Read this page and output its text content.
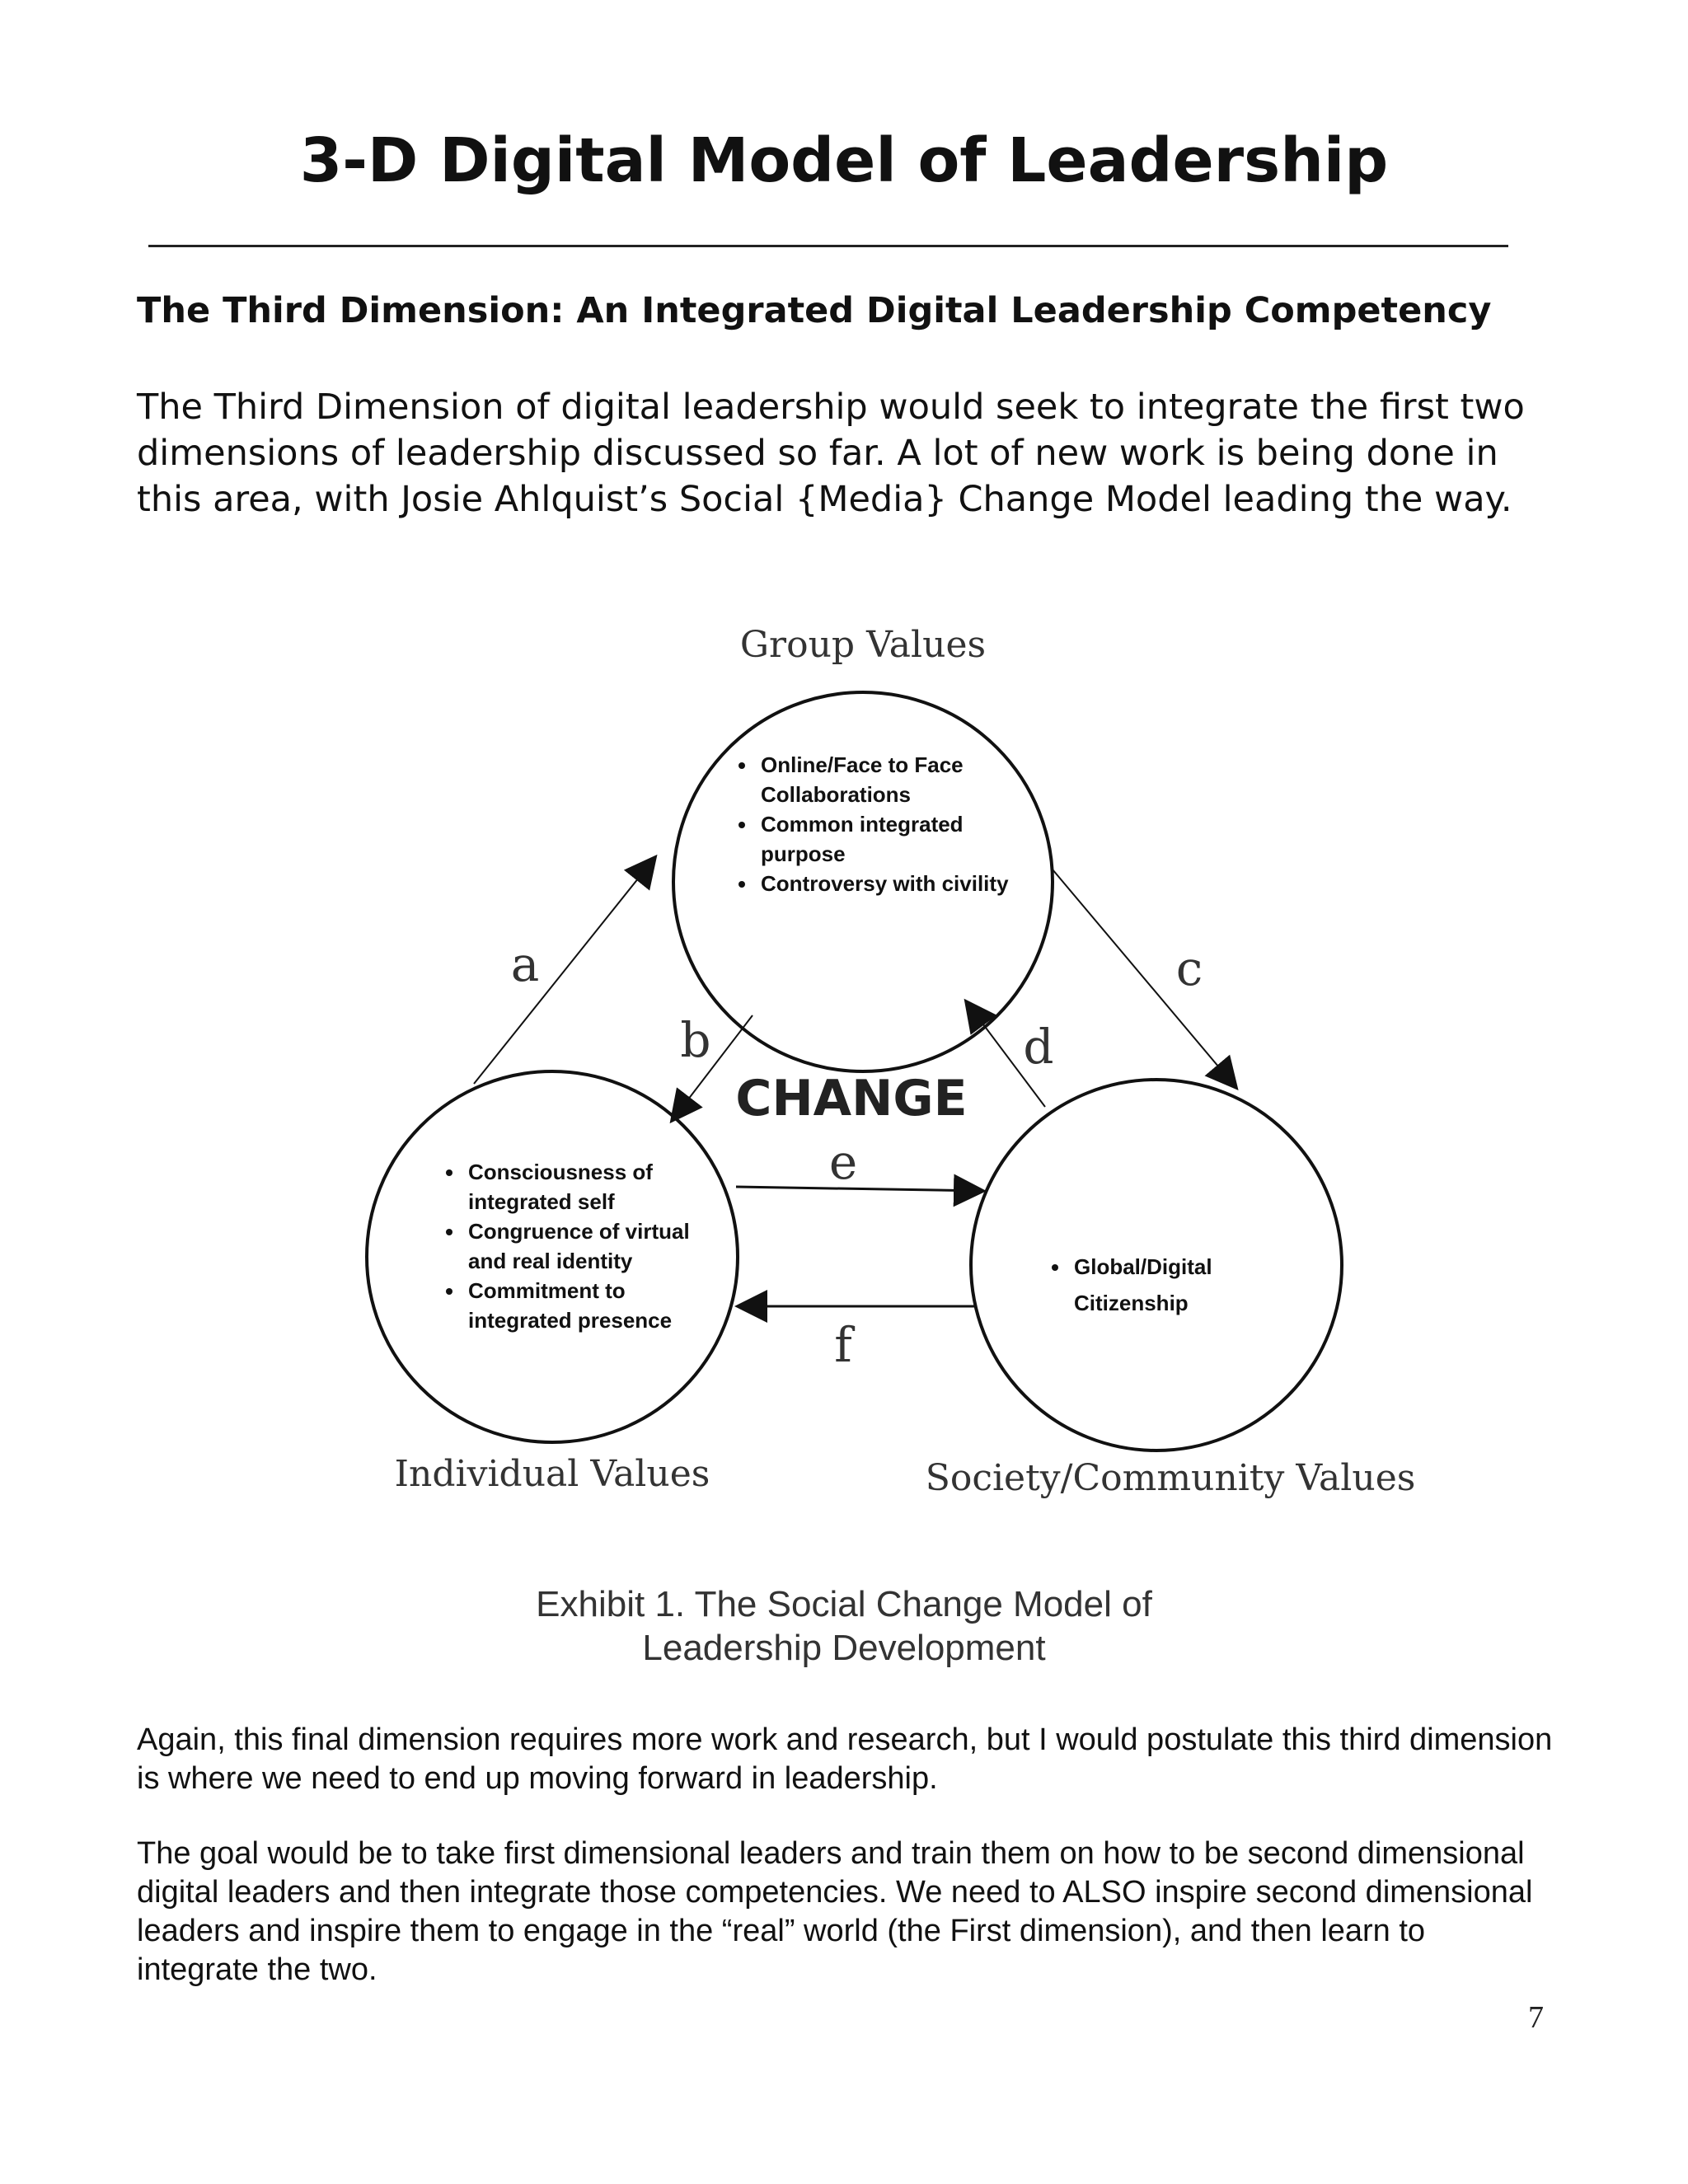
3-D Digital Model of Leadership
The Third Dimension: An Integrated Digital Leadership Competency

The Third Dimension of digital leadership would seek to integrate the first two dimensions of leadership discussed so far. A lot of new work is being done in this area, with Josie Ahlquist’s Social {Media} Change Model leading the way.

Group Values
Individual Values	Society/Community Values
CHANGE
a
b
c
d
e
f
• Online/Face to Face Collaborations
• Common integrated purpose
• Controversy with civility
• Consciousness of integrated self
• Congruence of virtual and real identity
• Commitment to integrated presence
• Global/Digital Citizenship
Exhibit 1. The Social Change Model of
Leadership Development

Again, this final dimension requires more work and research, but I would postulate this third dimension is where we need to end up moving forward in leadership.

The goal would be to take first dimensional leaders and train them on how to be second dimensional digital leaders and then integrate those competencies. We need to ALSO inspire second dimensional leaders and inspire them to engage in the “real” world (the First dimension), and then learn to integrate the two.

7
